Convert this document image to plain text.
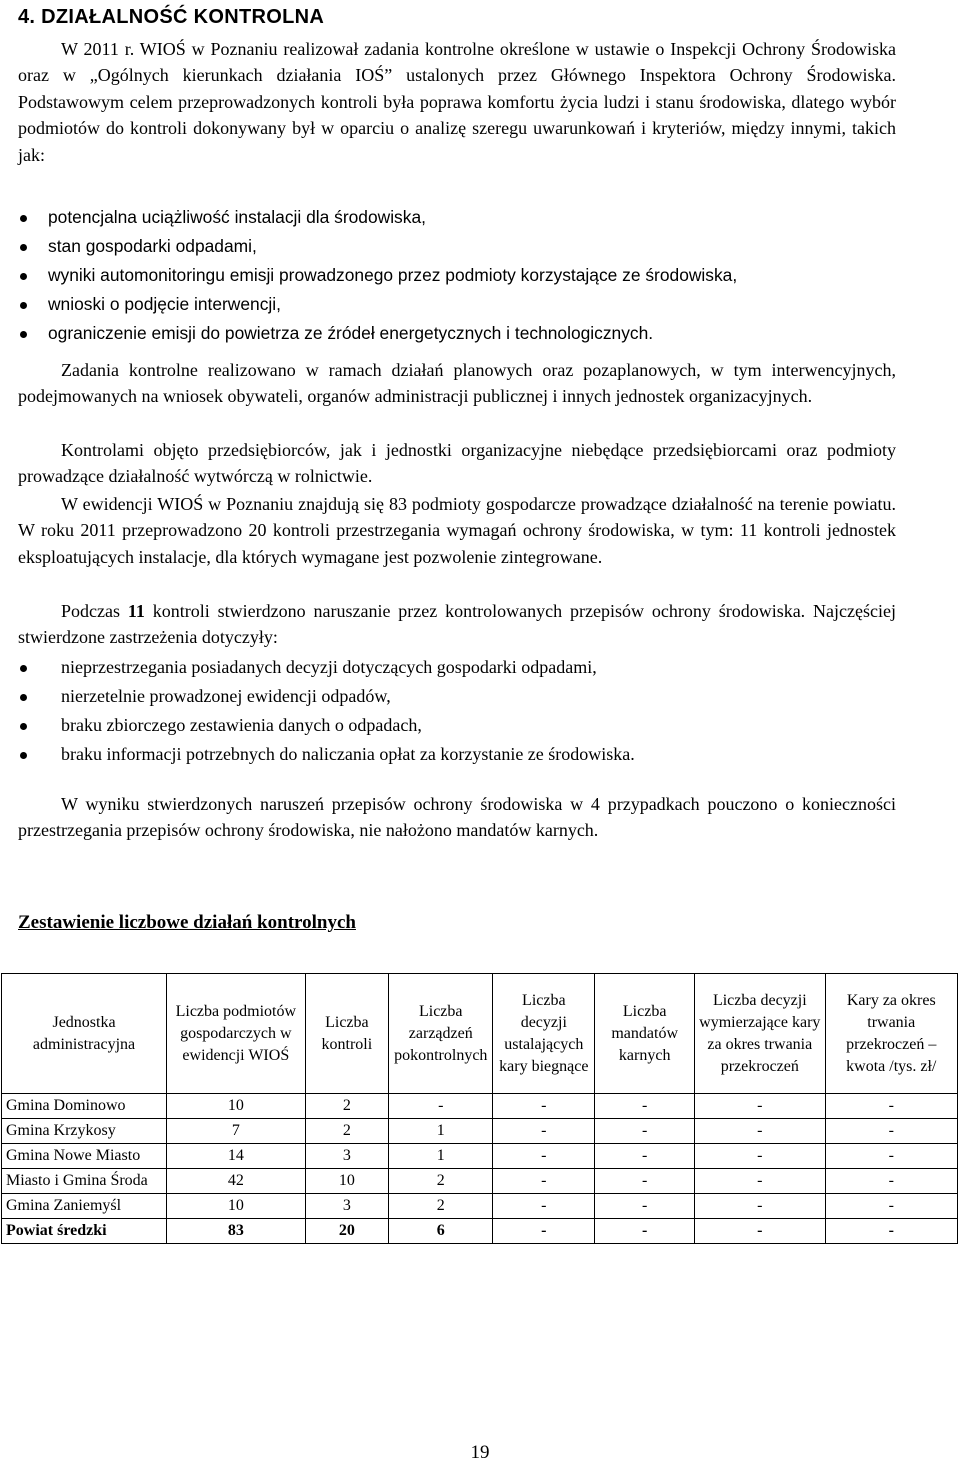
4. DZIAŁALNOŚĆ KONTROLNA

W 2011 r. WIOŚ w Poznaniu realizował zadania kontrolne określone w ustawie o Inspekcji Ochrony Środowiska oraz w „Ogólnych kierunkach działania IOŚ” ustalonych przez Głównego Inspektora Ochrony Środowiska. Podstawowym celem przeprowadzonych kontroli była poprawa komfortu życia ludzi i stanu środowiska, dlatego wybór podmiotów do kontroli dokonywany był w oparciu o analizę szeregu uwarunkowań i kryteriów, między innymi, takich jak:

potencjalna uciążliwość instalacji dla środowiska,
stan gospodarki odpadami,
wyniki automonitoringu emisji prowadzonego przez podmioty korzystające ze środowiska,
wnioski o podjęcie interwencji,
ograniczenie emisji do powietrza ze źródeł energetycznych i technologicznych.

Zadania kontrolne realizowano w ramach działań planowych oraz pozaplanowych, w tym interwencyjnych, podejmowanych na wniosek obywateli, organów administracji publicznej i innych jednostek organizacyjnych.

Kontrolami objęto przedsiębiorców, jak i jednostki organizacyjne niebędące przedsiębiorcami oraz podmioty prowadzące działalność wytwórczą w rolnictwie.

W ewidencji WIOŚ w Poznaniu znajdują się 83 podmioty gospodarcze prowadzące działalność na terenie powiatu. W roku 2011 przeprowadzono 20 kontroli przestrzegania wymagań ochrony środowiska, w tym: 11 kontroli jednostek eksploatujących instalacje, dla których wymagane jest pozwolenie zintegrowane.

Podczas 11 kontroli stwierdzono naruszanie przez kontrolowanych przepisów ochrony środowiska. Najczęściej stwierdzone zastrzeżenia dotyczyły:

nieprzestrzegania posiadanych decyzji dotyczących gospodarki odpadami,
nierzetelnie prowadzonej ewidencji odpadów,
braku zbiorczego zestawienia danych o odpadach,
braku informacji potrzebnych do naliczania opłat za korzystanie ze środowiska.

W wyniku stwierdzonych naruszeń przepisów ochrony środowiska w 4 przypadkach pouczono o konieczności przestrzegania przepisów ochrony środowiska, nie nałożono mandatów karnych.

Zestawienie liczbowe działań kontrolnych
Jednostka administracyjna	Liczba podmiotów gospodarczych w ewidencji WIOŚ	Liczba kontroli	Liczba zarządzeń pokontrolnych	Liczba decyzji ustalających kary biegnące	Liczba mandatów karnych	Liczba decyzji wymierzające kary za okres trwania przekroczeń	Kary za okres trwania przekroczeń – kwota /tys. zł/
Gmina Dominowo	10	2	-	-	-	-	-
Gmina Krzykosy	7	2	1	-	-	-	-
Gmina Nowe Miasto	14	3	1	-	-	-	-
Miasto i Gmina Środa	42	10	2	-	-	-	-
Gmina Zaniemyśl	10	3	2	-	-	-	-
Powiat średzki	83	20	6	-	-	-	-
19
